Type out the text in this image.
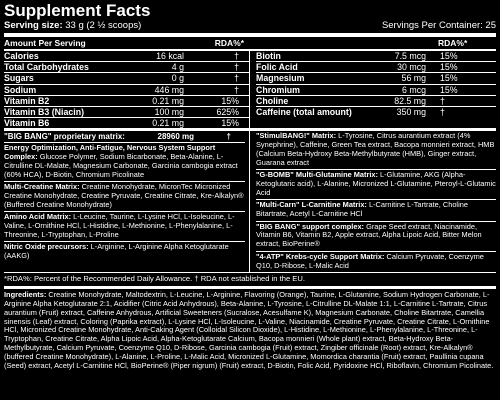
Supplement Facts
Serving size: 33 g (2 ½ scoops)	Servings Per Container: 25
Amount Per Serving	RDA%*	RDA%*
Calories	16 kcal	†
Total Carbohydrates	4 g	†
Sugars	0 g	†
Sodium	446 mg	†
Vitamin B2	0.21 mg	15%
Vitamin B3 (Niacin)	100 mg	625%
Vitamin B6	0.21 mg	15%
Biotin	7.5 mcg	15%
Folic Acid	30 mcg	15%
Magnesium	56 mg	15%
Chromium	6 mcg	15%
Choline	82.5 mg	†
Caffeine (total amount)	350 mg	†
"BIG BANG" proprietary matrix:	28960 mg	†
Energy Optimization, Anti-Fatigue, Nervous System Support Complex: Glucose Polymer, Sodium Bicarbonate, Beta-Alanine, L-Citrulline DL-Malate, Magnesium Carbonate, Garcinia cambogia extract (60% HCA), D-Biotin, Chromium Picolinate
Multi-Creatine Matrix: Creatine Monohydrate, MicronTec Micronized Creatine Monohydrate, Creatine Pyruvate, Creatine Citrate, Kre-Alkalyn® (Buffered Creatine Monohydrate)
Amino Acid Matrix: L-Leucine, Taurine, L-Lysine HCl, L-Isoleucine, L-Valine, L-Ornithine HCl, L-Histidine, L-Methionine, L-Phenylalanine, L-Threonine, L-Tryptophan, L-Proline
Nitric Oxide precursors: L-Arginine, L-Arginine Alpha Ketoglutarate (AAKG)
"StimulBANG!" Matrix: L-Tyrosine, Citrus aurantium extract (4% Synephrine), Caffeine, Green Tea extract, Bacopa monnieri extract, HMB (Calcium Beta-Hydroxy Beta-Methylbutyrate (HMB), Ginger extract, Guarana extract
"G-BOMB" Multi-Glutamine Matrix: L-Glutamine, AKG (Alpha-Ketoglutaric acid), L-Alanine, Micronized L-Glutamine, Pteroyl-L-Glutamic Acid
"Multi-Carn" L-Carnitine Matrix: L-Carnitine L-Tartrate, Choline Bitartrate, Acetyl L-Carnitine HCl
"BIG BANG" support complex: Grape Seed extract, Niacinamide, Vitamin B6, Vitamin B2, Apple extract, Alpha Lipoic Acid, Bitter Melon extract, BioPerine®
"4-ATP" Krebs-cycle Support Matrix: Calcium Pyruvate, Coenzyme Q10, D-Ribose, L-Malic Acid
*RDA%: Percent of the Recommended Daily Allowance. † RDA not established in the EU.
Ingredients: Creatine Monohydrate, Maltodextrin, L-Leucine, L-Arginine, Flavoring (Orange), Taurine, L-Glutamine, Sodium Hydrogen Carbonate, L-Arginine Alpha Ketoglutarate 2:1, Acidifier (Citric Acid Anhydrous), Beta-Alanine, L-Tyrosine, L-Citrulline DL-Malate 1:1, L-Carnitine L-Tartrate, Citrus aurantium (Fruit) extract, Caffeine Anhydrous, Artificial Sweeteners (Sucralose, Acesulfame K), Magnesium Carbonate, Choline Bitartrate, Camellia sinensis (Leaf) extract, Coloring (Paprika extract), L-Lysine HCl, L-Isoleucine, L-Valine, Niacinamide, Creatine Pyruvate, Creatine Citrate, L-Ornithine HCl, Micronized Creatine Monohydrate, Anti-Caking Agent (Colloidal Silicon Dioxide), L-Histidine, L-Methionine, L-Phenylalanine, L-Threonine, L-Tryptophan, Creatine Citrate, Alpha Lipoic Acid, Alpha-Ketoglutarate Calcium, Bacopa monnieri (Whole plant) extract, Beta-Hydroxy Beta-Methylbutyrate, Calcium Pyruvate, Coenzyme Q10, D-Ribose, Garcinia cambogia (Fruit) extract, Zingiber officinale (Root) extract, Kre-Alkalyn® (buffered Creatine Monohydrate), L-Alanine, L-Proline, L-Malic Acid, Micronized L-Glutamine, Momordica charantia (Fruit) extract, Paullinia cupana (Seed) extract, Acetyl L-Carnitine HCl, BioPerine® (Piper nigrum) (Fruit) extract, D-Biotin, Folic Acid, Pyridoxine HCl, Riboflavin, Chromium Picolinate.
